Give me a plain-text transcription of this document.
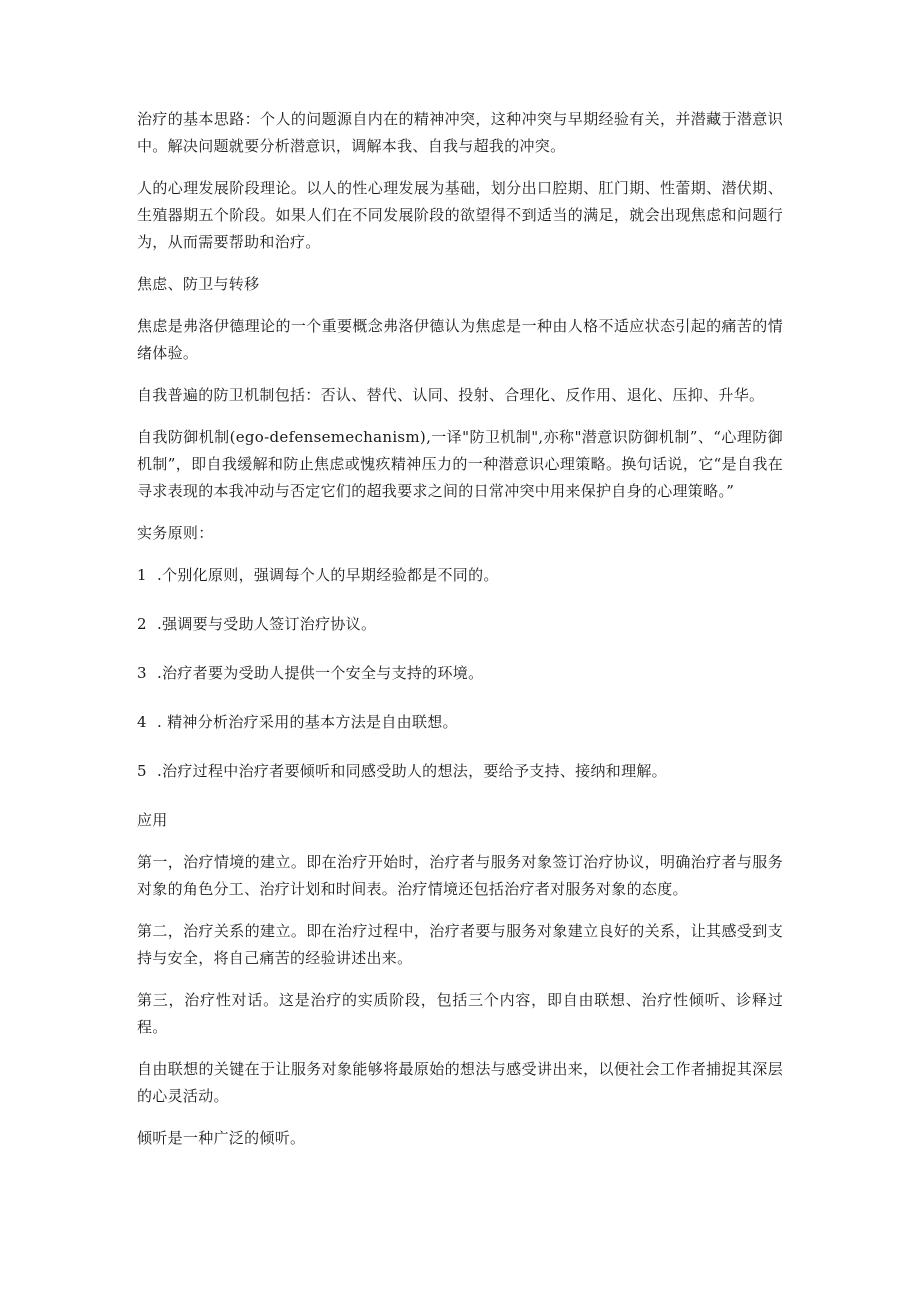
治疗的基本思路：个人的问题源自内在的精神冲突，这种冲突与早期经验有关，并潜藏于潜意识中。解决问题就要分析潜意识，调解本我、自我与超我的冲突。

人的心理发展阶段理论。以人的性心理发展为基础，划分出口腔期、肛门期、性蕾期、潜伏期、生殖器期五个阶段。如果人们在不同发展阶段的欲望得不到适当的满足，就会出现焦虑和问题行为，从而需要帮助和治疗。

焦虑、防卫与转移

焦虑是弗洛伊德理论的一个重要概念弗洛伊德认为焦虑是一种由人格不适应状态引起的痛苦的情绪体验。

自我普遍的防卫机制包括：否认、替代、认同、投射、合理化、反作用、退化、压抑、升华。

自我防御机制(ego-defensemechanism),一译"防卫机制",亦称"潜意识防御机制”、“心理防御机制”，即自我缓解和防止焦虑或愧疚精神压力的一种潜意识心理策略。换句话说，它“是自我在寻求表现的本我冲动与否定它们的超我要求之间的日常冲突中用来保护自身的心理策略。”

实务原则：

1 .个别化原则，强调每个人的早期经验都是不同的。

2 .强调要与受助人签订治疗协议。

3 .治疗者要为受助人提供一个安全与支持的环境。

4 . 精神分析治疗采用的基本方法是自由联想。

5 .治疗过程中治疗者要倾听和同感受助人的想法，要给予支持、接纳和理解。

应用

第一，治疗情境的建立。即在治疗开始时，治疗者与服务对象签订治疗协议，明确治疗者与服务对象的角色分工、治疗计划和时间表。治疗情境还包括治疗者对服务对象的态度。

第二，治疗关系的建立。即在治疗过程中，治疗者要与服务对象建立良好的关系，让其感受到支持与安全，将自己痛苦的经验讲述出来。

第三，治疗性对话。这是治疗的实质阶段，包括三个内容，即自由联想、治疗性倾听、诊释过程。

自由联想的关键在于让服务对象能够将最原始的想法与感受讲出来，以便社会工作者捕捉其深层的心灵活动。

倾听是一种广泛的倾听。
